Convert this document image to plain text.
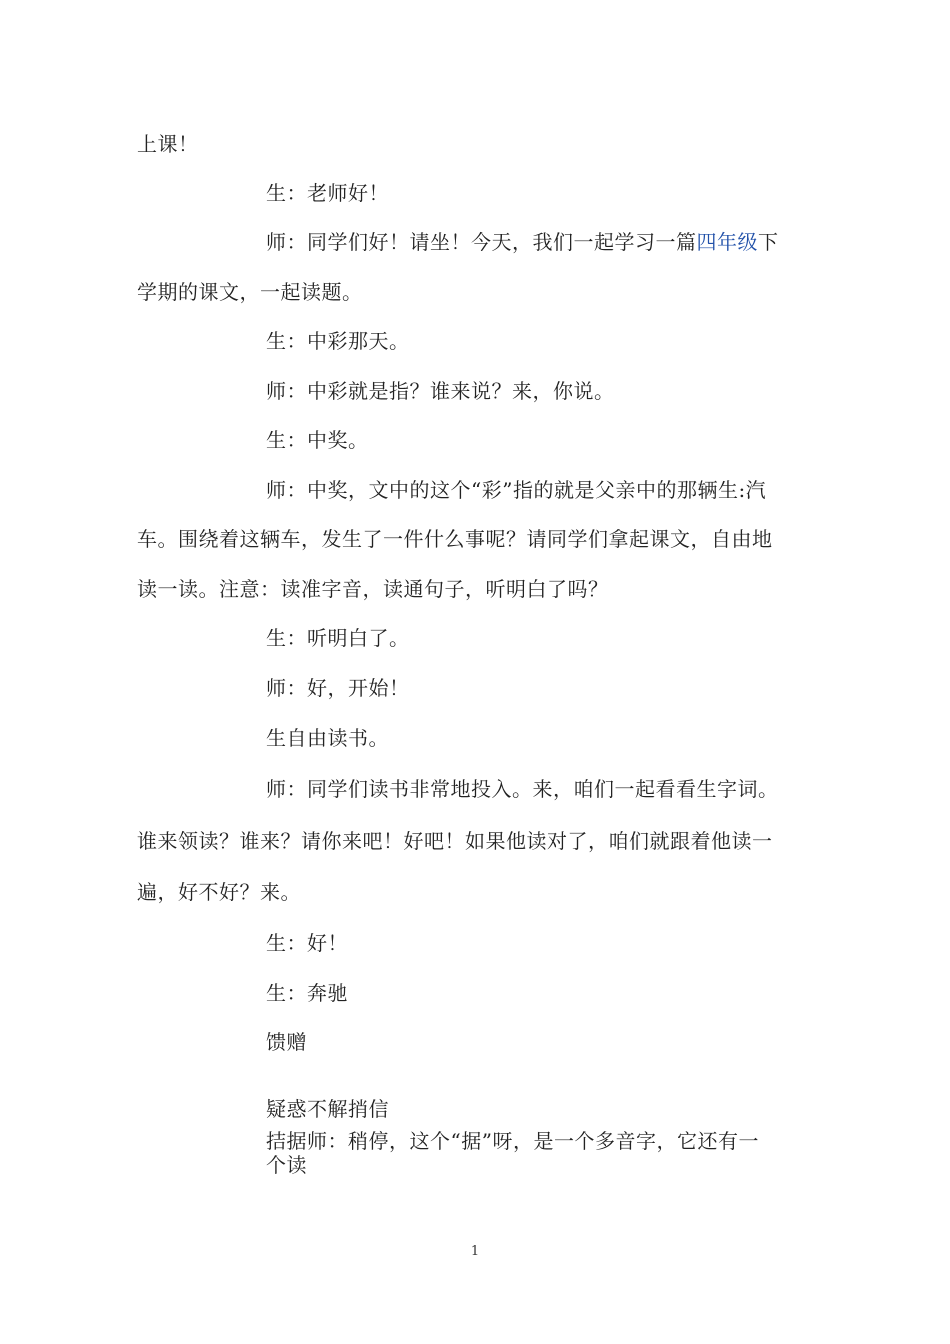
上课！
生：老师好！
师：同学们好！请坐！今天，我们一起学习一篇四年级下
学期的课文，一起读题。
生：中彩那天。
师：中彩就是指？谁来说？来，你说。
生：中奖。
师：中奖，文中的这个“彩”指的就是父亲中的那辆生:汽
车。围绕着这辆车，发生了一件什么事呢？请同学们拿起课文，自由地
读一读。注意：读准字音，读通句子，听明白了吗？
生：听明白了。
师：好，开始！
生自由读书。
师：同学们读书非常地投入。来，咱们一起看看生字词。
谁来领读？谁来？请你来吧！好吧！如果他读对了，咱们就跟着他读一
遍，好不好？来。
生：好！
生：奔驰
馈赠
疑惑不解捎信
拮据师：稍停，这个“据”呀，是一个多音字，它还有一
个读
1
